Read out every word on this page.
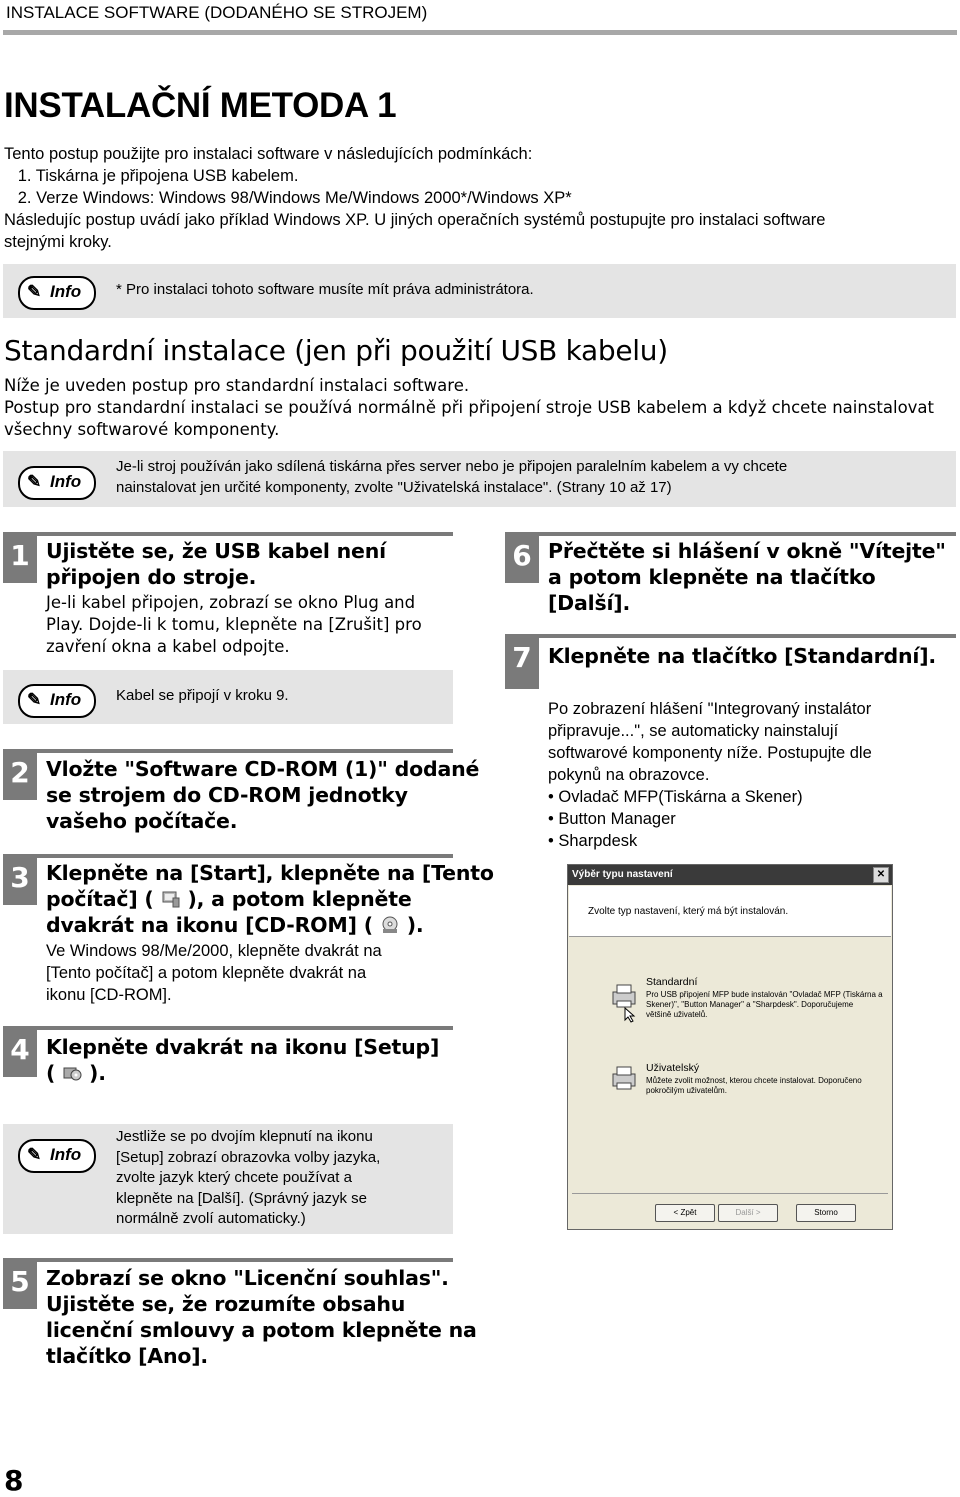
INSTALACE SOFTWARE (DODANÉHO SE STROJEM)
INSTALAČNÍ METODA 1
Tento postup použijte pro instalaci software v následujících podmínkách:
1. Tiskárna je připojena USB kabelem.
2. Verze Windows: Windows 98/Windows Me/Windows 2000*/Windows XP*
Následujíc postup uvádí jako příklad Windows XP. U jiných operačních systémů postupujte pro instalaci software
stejnými kroky.
✎ Info * Pro instalaci tohoto software musíte mít práva administrátora.
Standardní instalace (jen při použití USB kabelu)
Níže je uveden postup pro standardní instalaci software.
Postup pro standardní instalaci se používá normálně při připojení stroje USB kabelem a když chcete nainstalovat
všechny softwarové komponenty.
✎ Info
Je-li stroj používán jako sdílená tiskárna přes server nebo je připojen paralelním kabelem a vy chcete
nainstalovat jen určité komponenty, zvolte "Uživatelská instalace". (Strany 10 až 17)
1 Ujistěte se, že USB kabel není
připojen do stroje.
Je-li kabel připojen, zobrazí se okno Plug and
Play. Dojde-li k tomu, klepněte na [Zrušit] pro
zavření okna a kabel odpojte.
✎ Info Kabel se připojí v kroku 9.
2 Vložte "Software CD-ROM (1)" dodané
se strojem do CD-ROM jednotky
vašeho počítače.
3 Klepněte na [Start], klepněte na [Tento
počítač] ( ), a potom klepněte
dvakrát na ikonu [CD-ROM] ( ).
Ve Windows 98/Me/2000, klepněte dvakrát na
[Tento počítač] a potom klepněte dvakrát na
ikonu [CD-ROM].
4 Klepněte dvakrát na ikonu [Setup]
( ).
✎ Info
Jestliže se po dvojím klepnutí na ikonu
[Setup] zobrazí obrazovka volby jazyka,
zvolte jazyk který chcete používat a
klepněte na [Další]. (Správný jazyk se
normálně zvolí automaticky.)
5 Zobrazí se okno "Licenční souhlas".
Ujistěte se, že rozumíte obsahu
licenční smlouvy a potom klepněte na
tlačítko [Ano].
6 Přečtěte si hlášení v okně "Vítejte"
a potom klepněte na tlačítko
[Další].
7 Klepněte na tlačítko [Standardní].
Po zobrazení hlášení "Integrovaný instalátor
připravuje...", se automaticky nainstalují
softwarové komponenty níže. Postupujte dle
pokynů na obrazovce.
• Ovladač MFP(Tiskárna a Skener)
• Button Manager
• Sharpdesk
Výběr typu nastavení	✕
Zvolte typ nastavení, který má být instalován.
Standardní
Pro USB připojení MFP bude instalován "Ovladač MFP (Tiskárna a
Skener)", "Button Manager" a "Sharpdesk". Doporučujeme
většině uživatelů.
Uživatelský
Můžete zvolit možnost, kterou chcete instalovat. Doporučeno
pokročilým uživatelům.
< Zpět	Další >	Storno
8
